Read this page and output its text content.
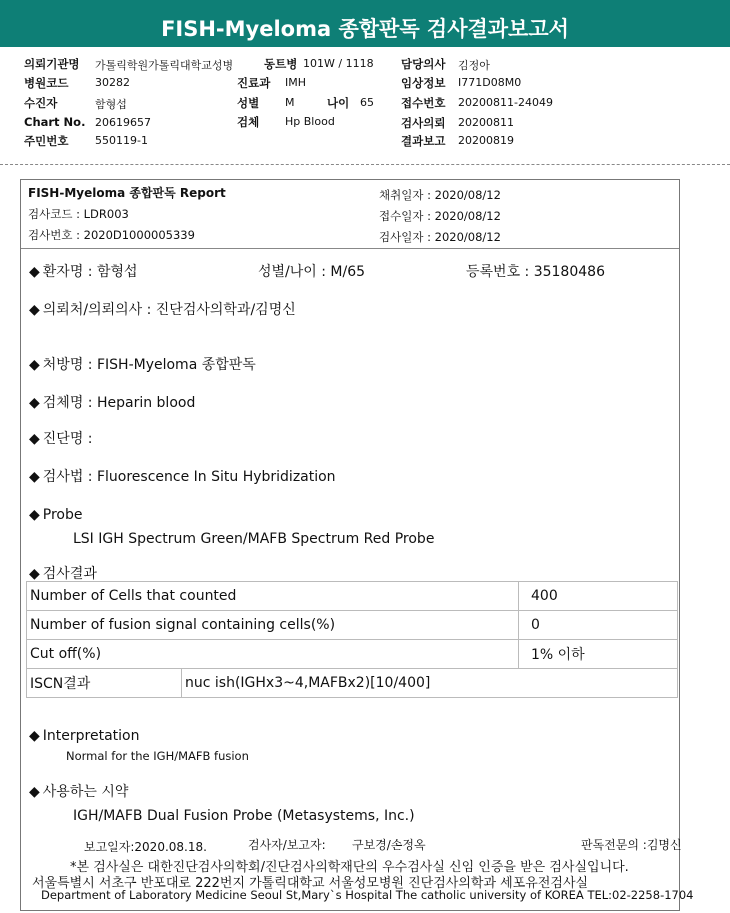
FISH-Myeloma 종합판독 검사결과보고서
의뢰기관명 가톨릭학원가톨릭대학교성병	동트병 101W / 1118 담당의사 김정아
병원코드 30282	진료과 IMH	임상정보 I771D08M0
수진자	함형섭	성별 M	나이 65 접수번호 20200811-24049
Chart No. 20619657	검체 Hp Blood	검사의뢰 20200811
주민번호 550119-1	결과보고 20200819
FISH-Myeloma 종합판독 Report
검사코드 : LDR003
검사번호 : 2020D1000005339
채취일자 : 2020/08/12
접수일자 : 2020/08/12
검사일자 : 2020/08/12
◆ 환자명 : 함형섭	성별/나이 : M/65	등록번호 : 35180486
◆ 의뢰처/의뢰의사 : 진단검사의학과/김명신
◆ 처방명 : FISH-Myeloma 종합판독
◆ 검체명 : Heparin blood
◆ 진단명 :
◆ 검사법 : Fluorescence In Situ Hybridization
◆ Probe
LSI IGH Spectrum Green/MAFB Spectrum Red Probe
◆ 검사결과
Number of Cells that counted		400
Number of fusion signal containing cells(%)		0
Cut off(%)		1% 이하
ISCN결과	nuc ish(IGHx3~4,MAFBx2)[10/400]	
◆ Interpretation
Normal for the IGH/MAFB fusion
◆ 사용하는 시약
IGH/MAFB Dual Fusion Probe (Metasystems, Inc.)
보고일자:2020.08.18.	검사자/보고자: 구보경/손정옥	판독전문의 :김명신
*본 검사실은 대한진단검사의학회/진단검사의학재단의 우수검사실 신임 인증을 받은 검사실입니다.
서울특별시 서초구 반포대로 222번지 가톨릭대학교 서울성모병원 진단검사의학과 세포유전검사실
Department of Laboratory Medicine Seoul St,Mary`s Hospital The catholic university of KOREA TEL:02-2258-1704
